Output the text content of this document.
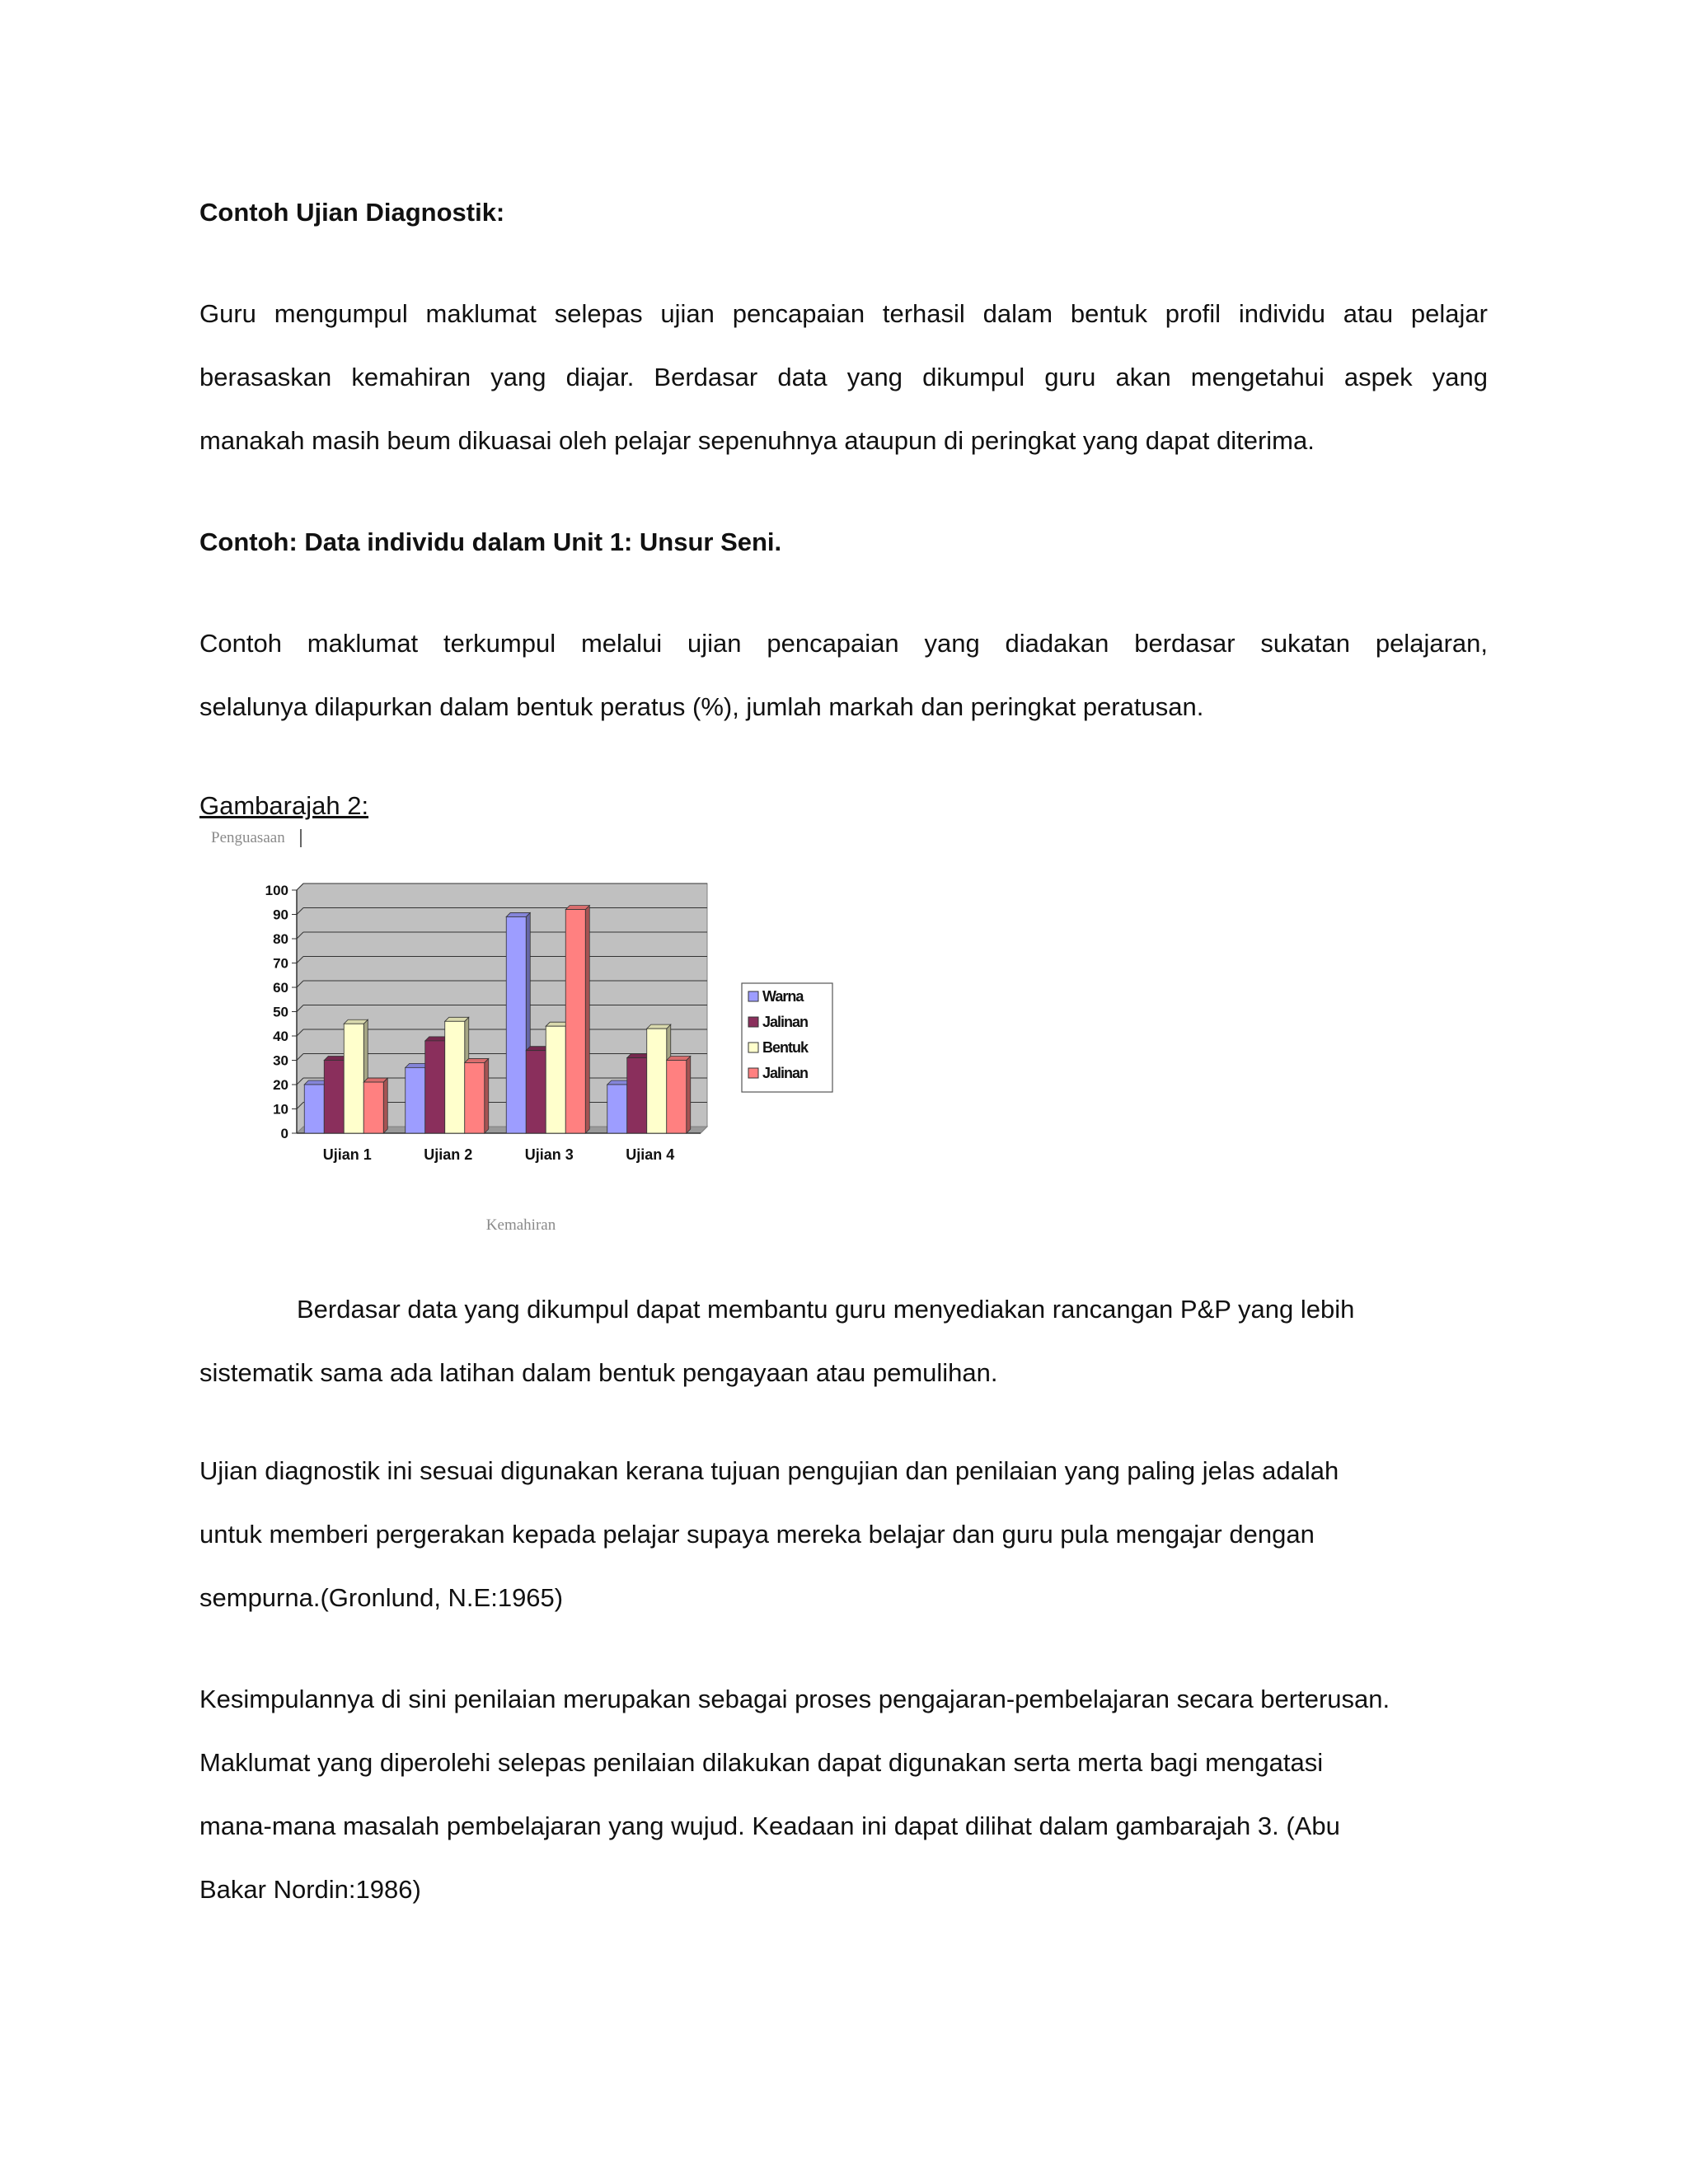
Contoh Ujian Diagnostik:

Guru mengumpul maklumat selepas ujian pencapaian terhasil dalam bentuk profil individu atau pelajar
berasaskan kemahiran yang diajar. Berdasar data yang dikumpul guru akan mengetahui aspek yang
manakah masih beum dikuasai oleh pelajar sepenuhnya ataupun di peringkat yang dapat diterima.

Contoh: Data individu dalam Unit 1: Unsur Seni.

Contoh maklumat terkumpul melalui ujian pencapaian yang diadakan berdasar sukatan pelajaran,
selalunya dilapurkan dalam bentuk peratus (%), jumlah markah dan peringkat peratusan.

Gambarajah 2:
Penguasaan
0
10
20
30
40
50
60
70
80
90
100
Ujian 1	Ujian 2	Ujian 3	Ujian 4
Kemahiran
Warna
Jalinan
Bentuk
Jalinan

Berdasar data yang dikumpul dapat membantu guru menyediakan rancangan P&P yang lebih
sistematik sama ada latihan dalam bentuk pengayaan atau pemulihan.

Ujian diagnostik ini sesuai digunakan kerana tujuan pengujian dan penilaian yang paling jelas adalah
untuk memberi pergerakan kepada pelajar supaya mereka belajar dan guru pula mengajar dengan
sempurna.(Gronlund, N.E:1965)

Kesimpulannya di sini penilaian merupakan sebagai proses pengajaran-pembelajaran secara berterusan.
Maklumat yang diperolehi selepas penilaian dilakukan dapat digunakan serta merta bagi mengatasi
mana-mana masalah pembelajaran yang wujud. Keadaan ini dapat dilihat dalam gambarajah 3. (Abu
Bakar Nordin:1986)
